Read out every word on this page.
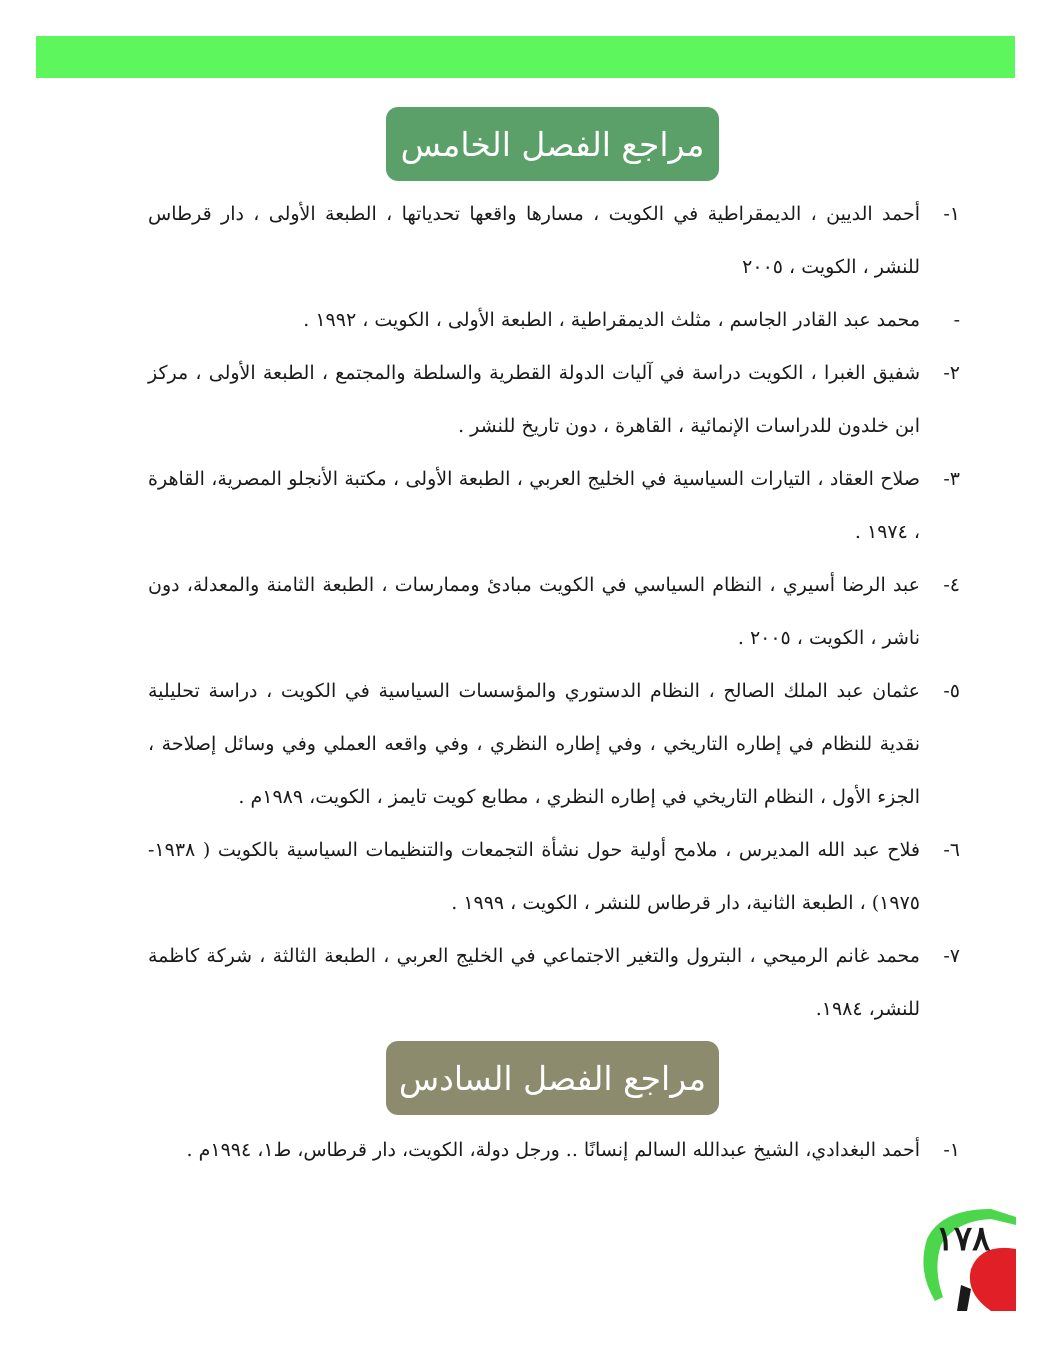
مراجع الفصل الخامس
١-
أحمد الديين ، الديمقراطية في الكويت ، مسارها واقعها تحدياتها ، الطبعة الأولى ، دار قرطاس للنشر ، الكويت ، ٢٠٠٥
-
محمد عبد القادر الجاسم ، مثلث الديمقراطية ، الطبعة الأولى ، الكويت ، ١٩٩٢ .
٢-
شفيق الغبرا ، الكويت دراسة في آليات الدولة القطرية والسلطة والمجتمع ، الطبعة الأولى ، مركز ابن خلدون للدراسات الإنمائية ، القاهرة ، دون تاريخ للنشر .
٣-
صلاح العقاد ، التيارات السياسية في الخليج العربي ، الطبعة الأولى ، مكتبة الأنجلو المصرية، القاهرة ، ١٩٧٤ .
٤-
عبد الرضا أسيري ، النظام السياسي في الكويت مبادئ وممارسات ، الطبعة الثامنة والمعدلة، دون ناشر ، الكويت ، ٢٠٠٥ .
٥-
عثمان عبد الملك الصالح ، النظام الدستوري والمؤسسات السياسية في الكويت ، دراسة تحليلية نقدية للنظام في إطاره التاريخي ، وفي إطاره النظري ، وفي واقعه العملي وفي وسائل إصلاحة ، الجزء الأول ، النظام التاريخي في إطاره النظري ، مطابع كويت تايمز ، الكويت، ١٩٨٩م .
٦-
فلاح عبد الله المديرس ، ملامح أولية حول نشأة التجمعات والتنظيمات السياسية بالكويت ( ١٩٣٨- ١٩٧٥) ، الطبعة الثانية، دار قرطاس للنشر ، الكويت ، ١٩٩٩ .
٧-
محمد غانم الرميحي ، البترول والتغير الاجتماعي في الخليج العربي ، الطبعة الثالثة ، شركة كاظمة للنشر، ١٩٨٤.
مراجع الفصل السادس
١-
أحمد البغدادي، الشيخ عبدالله السالم إنسانًا .. ورجل دولة، الكويت، دار قرطاس، ط١، ١٩٩٤م .
١٧٨
